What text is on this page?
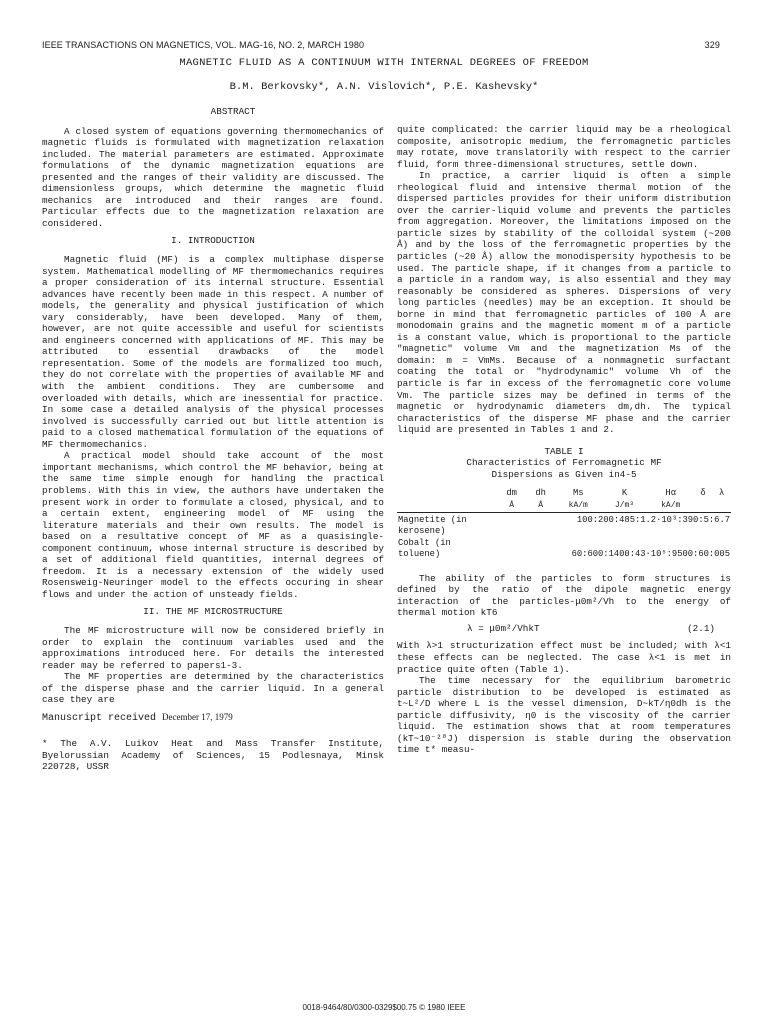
IEEE TRANSACTIONS ON MAGNETICS, VOL. MAG-16, NO. 2, MARCH 1980	329
MAGNETIC FLUID AS A CONTINUUM WITH INTERNAL DEGREES OF FREEDOM
B.M. Berkovsky*, A.N. Vislovich*, P.E. Kashevsky*
ABSTRACT

A closed system of equations governing thermomechanics of magnetic fluids is formulated with magnetization relaxation included. The material parameters are estimated. Approximate formulations of the dynamic magnetization equations are presented and the ranges of their validity are discussed. The dimensionless groups, which determine the magnetic fluid mechanics are introduced and their ranges are found. Particular effects due to the magnetization relaxation are considered.

I. INTRODUCTION

Magnetic fluid (MF) is a complex multiphase disperse system. Mathematical modelling of MF thermomechanics requires a proper consideration of its internal structure. Essential advances have recently been made in this respect. A number of models, the generality and physical justification of which vary considerably, have been developed. Many of them, however, are not quite accessible and useful for scientists and engineers concerned with applications of MF. This may be attributed to essential drawbacks of the model representation. Some of the models are formalized too much, they do not correlate with the properties of available MF and with the ambient conditions. They are cumbersome and overloaded with details, which are inessential for practice. In some case a detailed analysis of the physical processes involved is successfully carried out but little attention is paid to a closed mathematical formulation of the equations of MF thermomechanics.

A practical model should take account of the most important mechanisms, which control the MF behavior, being at the same time simple enough for handling the practical problems. With this in view, the authors have undertaken the present work in order to formulate a closed, physical, and to a certain extent, engineering model of MF using the literature materials and their own results. The model is based on a resultative concept of MF as a quasisingle-component continuum, whose internal structure is described by a set of additional field quantities, internal degrees of freedom. It is a necessary extension of the widely used Rosensweig-Neuringer model to the effects occuring in shear flows and under the action of unsteady fields.

II. THE MF MICROSTRUCTURE

The MF microstructure will now be considered briefly in order to explain the continuum variables used and the approximations introduced here. For details the interested reader may be referred to papers1-3.

The MF properties are determined by the characteristics of the disperse phase and the carrier liquid. In a general case they are

Manuscript received December 17, 1979

* The A.V. Luikov Heat and Mass Transfer Institute, Byelorussian Academy of Sciences, 15 Podlesnaya, Minsk 220728, USSR

quite complicated: the carrier liquid may be a rheological composite, anisotropic medium, the ferromagnetic particles may rotate, move translatorily with respect to the carrier fluid, form three-dimensional structures, settle down.

In practice, a carrier liquid is often a simple rheological fluid and intensive thermal motion of the dispersed particles provides for their uniform distribution over the carrier-liquid volume and prevents the particles from aggregation. Moreover, the limitations imposed on the particle sizes by stability of the colloidal system (~200 Å) and by the loss of the ferromagnetic properties by the particles (~20 Å) allow the monodispersity hypothesis to be used. The particle shape, if it changes from a particle to a particle in a random way, is also essential and they may reasonably be considered as spheres. Dispersions of very long particles (needles) may be an exception. It should be borne in mind that ferromagnetic particles of 100 Å are monodomain grains and the magnetic moment m of a particle is a constant value, which is proportional to the particle "magnetic" volume Vm and the magnetization Ms of the domain: m = VmMs. Because of a nonmagnetic surfactant coating the total or "hydrodynamic" volume Vh of the particle is far in excess of the ferromagnetic core volume Vm. The particle sizes may be defined in terms of the magnetic or hydrodynamic diameters dm,dh. The typical characteristics of the disperse MF phase and the carrier liquid are presented in Tables 1 and 2.

TABLE I
Characteristics of Ferromagnetic MF
Dispersions as Given in4-5
	dm	dh	Ms	K	Hα	δ	λ
	Å	Å	kA/m	J/m³	kA/m		

Magnetite (in	100:200:485:1.2·10³:390:5:6.7						
kerosene)							
Cobalt (in							
toluene)	60:600:1400:43·10⁵:9500:60:005						

The ability of the particles to form structures is defined by the ratio of the dipole magnetic energy interaction of the particles-μ0m²/Vh to the energy of thermal motion kT6

λ = μ0m²/VhkT	(2.1)

With λ>1 structurization effect must be included; with λ<1 these effects can be neglected. The case λ<1 is met in practice quite often (Table 1).

The time necessary for the equilibrium barometric particle distribution to be developed is estimated as t~L²/D where L is the vessel dimension, D~kT/η0dh is the particle diffusivity, η0 is the viscosity of the carrier liquid. The estimation shows that at room temperatures (kT~10⁻²⁰J) dispersion is stable during the observation time t* measu-

0018-9464/80/0300-0329$00.75 © 1980 IEEE
